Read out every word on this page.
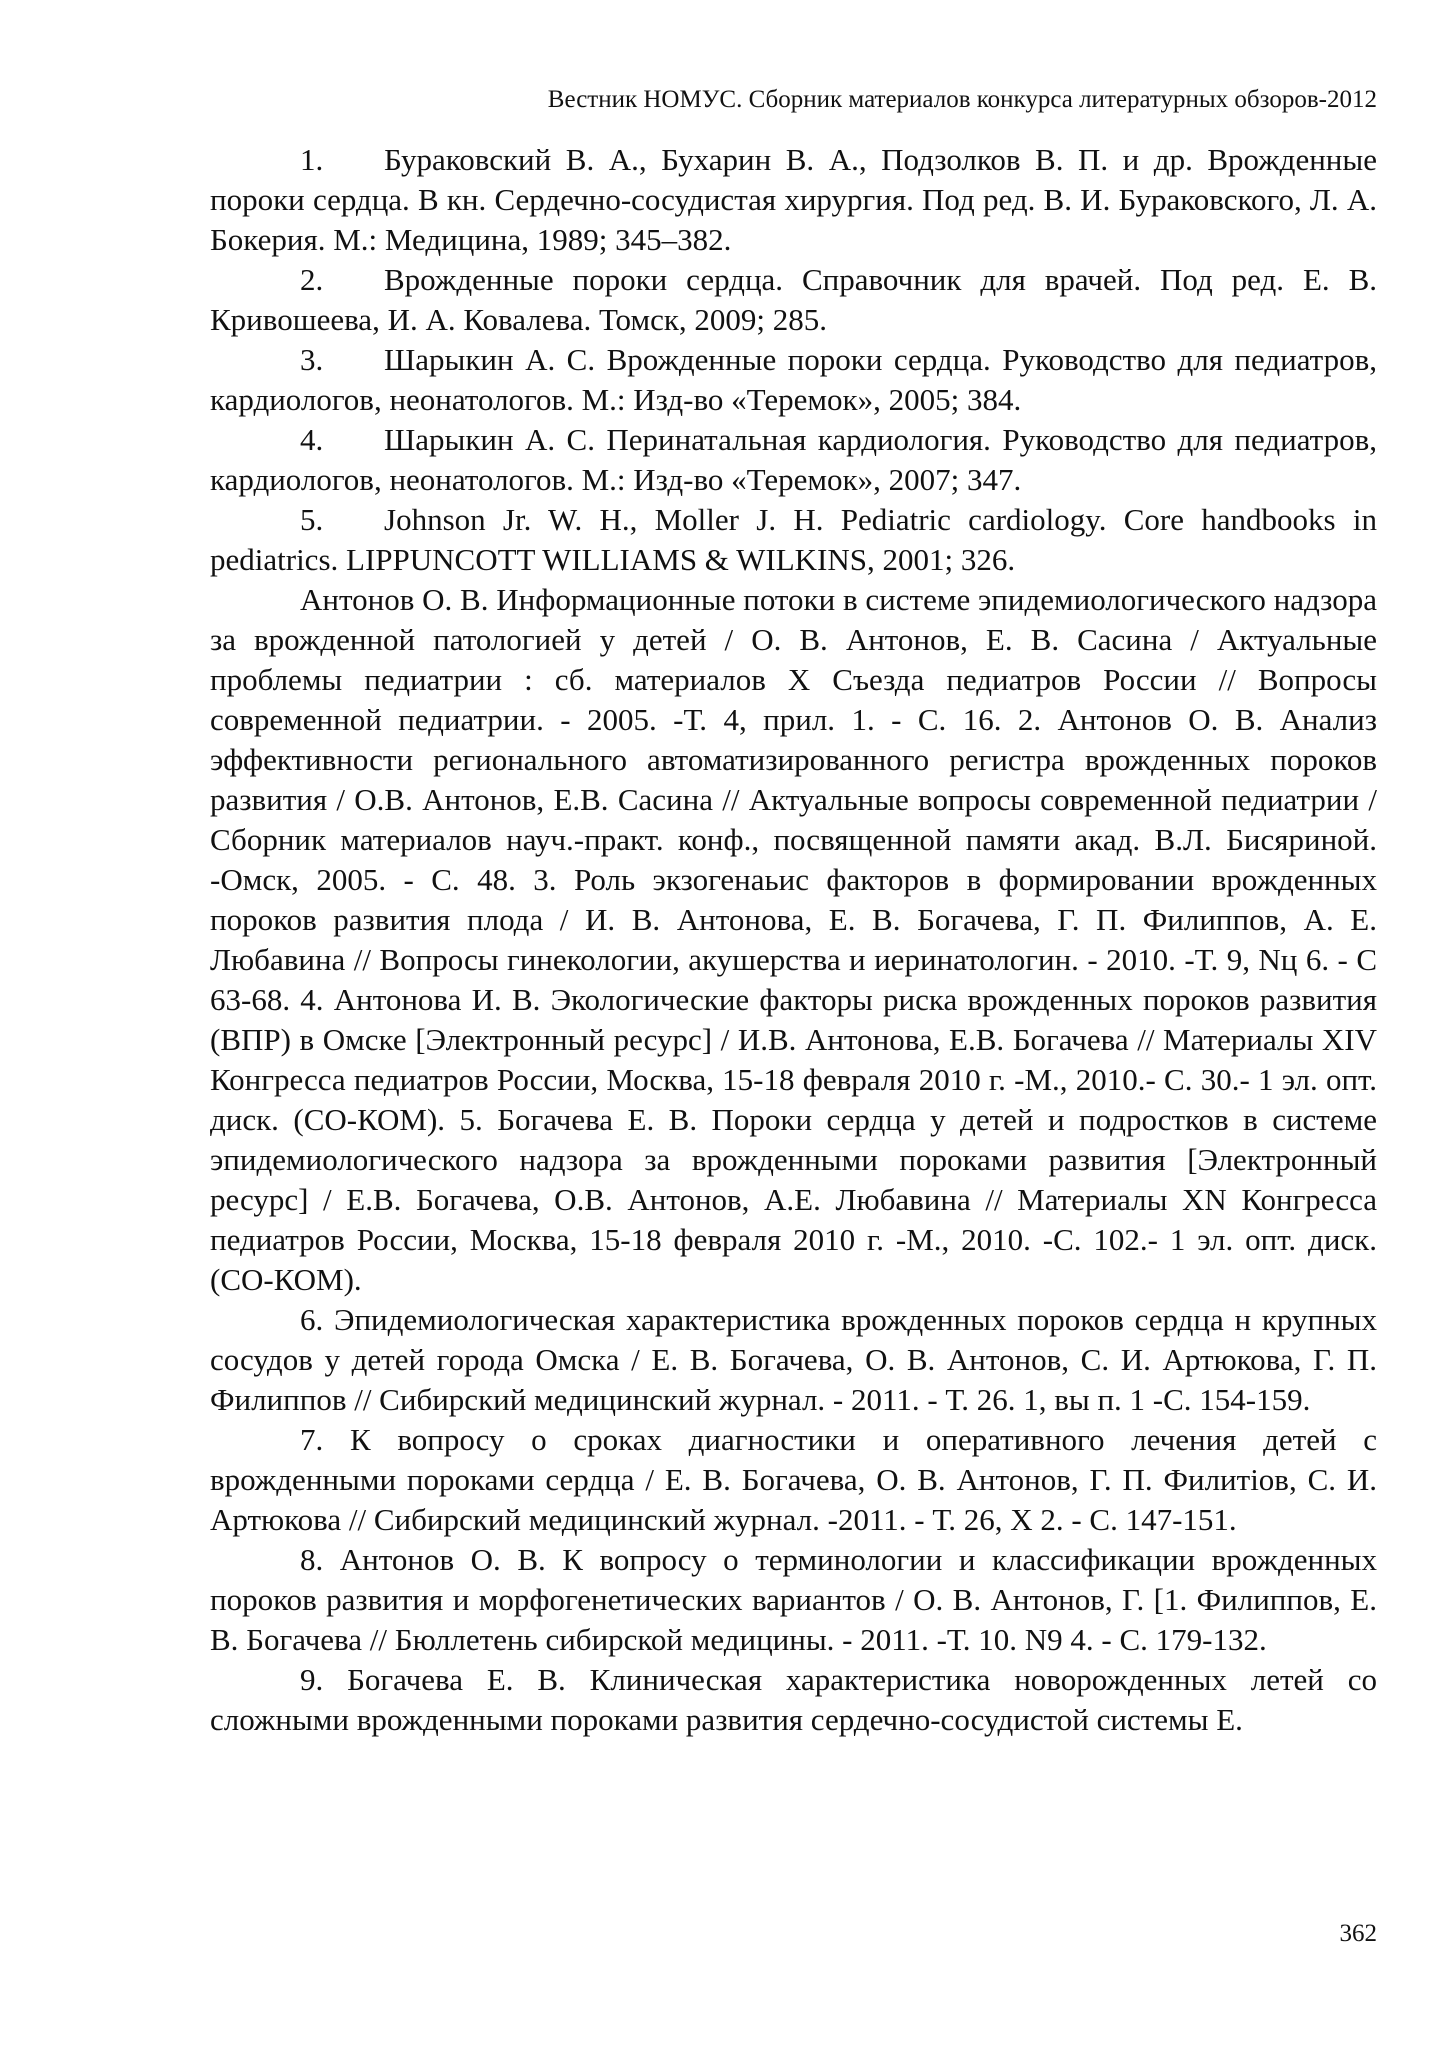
Вестник НОМУС. Сборник материалов конкурса литературных обзоров-2012

1. Бураковский В. А., Бухарин В. А., Подзолков В. П. и др. Врожденные пороки сердца. В кн. Сердечно-сосудистая хирургия. Под ред. В. И. Бураковского, Л. А. Бокерия. М.: Медицина, 1989; 345–382.

2. Врожденные пороки сердца. Справочник для врачей. Под ред. Е. В. Кривошеева, И. А. Ковалева. Томск, 2009; 285.

3. Шарыкин А. С. Врожденные пороки сердца. Руководство для педиатров, кардиологов, неонатологов. М.: Изд-во «Теремок», 2005; 384.

4. Шарыкин А. С. Перинатальная кардиология. Руководство для педиатров, кардиологов, неонатологов. М.: Изд-во «Теремок», 2007; 347.

5. Johnson Jr. W. H., Moller J. H. Pediatric cardiology. Core handbooks in pediatrics. LIPPUNCOTT WILLIAMS & WILKINS, 2001; 326.

Антонов О. В. Информационные потоки в системе эпидемиологического надзора за врожденной патологией у детей / О. В. Антонов, Е. В. Сасина / Актуальные проблемы педиатрии : сб. материалов X Съезда педиатров России // Вопросы современной педиатрии. - 2005. -Т. 4, прил. 1. - С. 16. 2. Антонов О. В. Анализ эффективности регионального автоматизированного регистра врожденных пороков развития / О.В. Антонов, Е.В. Сасина // Актуальные вопросы современной педиатрии / Сборник материалов науч.-практ. конф., посвященной памяти акад. В.Л. Бисяриной. -Омск, 2005. - С. 48. 3. Роль экзогенаьис факторов в формировании врожденных пороков развития плода / И. В. Антонова, Е. В. Богачева, Г. П. Филиппов, А. Е. Любавина // Вопросы гинекологии, акушерства и иеринатологин. - 2010. -Т. 9, Nц 6. - С 63-68. 4. Антонова И. В. Экологические факторы риска врожденных пороков развития (ВПР) в Омске [Электронный ресурс] / И.В. Антонова, Е.В. Богачева // Материалы XIV Конгресса педиатров России, Москва, 15-18 февраля 2010 г. -М., 2010.- С. 30.- 1 эл. опт. диск. (СО-КОМ). 5. Богачева Е. В. Пороки сердца у детей и подростков в системе эпидемиологического надзора за врожденными пороками развития [Электронный ресурс] / Е.В. Богачева, О.В. Антонов, А.Е. Любавина // Материалы XN Конгресса педиатров России, Москва, 15-18 февраля 2010 г. -М., 2010. -С. 102.- 1 эл. опт. диск. (СО-КОМ).

6. Эпидемиологическая характеристика врожденных пороков сердца н крупных сосудов у детей города Омска / Е. В. Богачева, О. В. Антонов, С. И. Артюкова, Г. П. Филиппов // Сибирский медицинский журнал. - 2011. - Т. 26. 1, вы п. 1 -С. 154-159.

7. К вопросу о сроках диагностики и оперативного лечения детей с врожденными пороками сердца / Е. В. Богачева, О. В. Антонов, Г. П. Филитiов, С. И. Артюкова // Сибирский медицинский журнал. -2011. - Т. 26, X 2. - С. 147-151.

8. Антонов О. В. К вопросу о терминологии и классификации врожденных пороков развития и морфогенетических вариантов / О. В. Антонов, Г. [1. Филиппов, Е. В. Богачева // Бюллетень сибирской медицины. - 2011. -Т. 10. N9 4. - С. 179-132.

9. Богачева Е. В. Клиническая характеристика новорожденных летей со сложными врожденными пороками развития сердечно-сосудистой системы Е.

362
